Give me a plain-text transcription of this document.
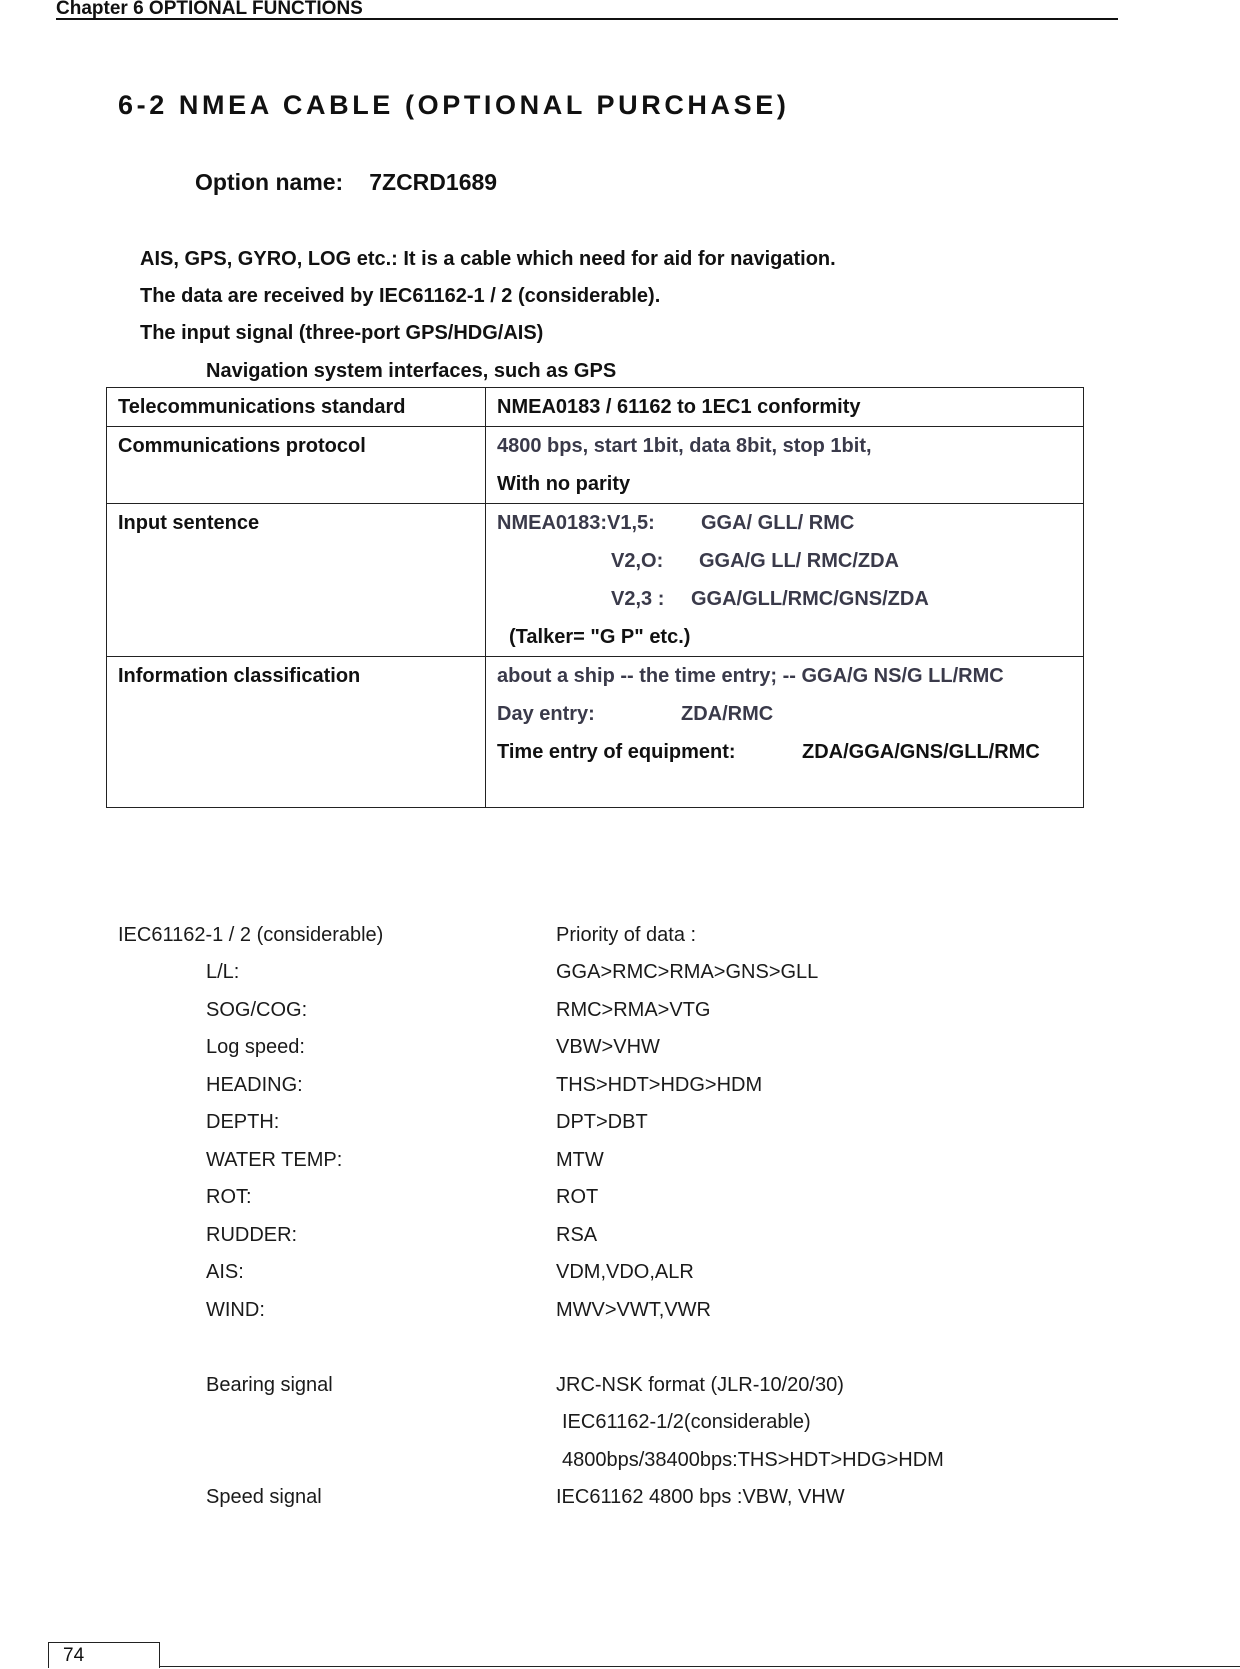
Chapter 6 OPTIONAL FUNCTIONS
6-2 NMEA CABLE (OPTIONAL PURCHASE)
Option name: 7ZCRD1689
AIS, GPS, GYRO, LOG etc.: It is a cable which need for aid for navigation.
The data are received by IEC61162-1 / 2 (considerable).
The input signal (three-port GPS/HDG/AIS)
Navigation system interfaces, such as GPS
Telecommunications standard	NMEA0183 / 61162 to 1EC1 conformity

Communications protocol	4800 bps, start 1bit, data 8bit, stop 1bit,
With no parity

Input sentence	NMEA0183:V1,5: GGA/ GLL/ RMC
V2,O: GGA/G LL/ RMC/ZDA
V2,3 : GGA/GLL/RMC/GNS/ZDA
(Talker= "G P" etc.)

Information classification	about a ship -- the time entry; -- GGA/G NS/G LL/RMC
Day entry: ZDA/RMC
Time entry of equipment: ZDA/GGA/GNS/GLL/RMC
IEC61162-1 / 2 (considerable)	Priority of data :
L/L:	GGA>RMC>RMA>GNS>GLL
SOG/COG:	RMC>RMA>VTG
Log speed:	VBW>VHW
HEADING:	THS>HDT>HDG>HDM
DEPTH:	DPT>DBT
WATER TEMP:	MTW
ROT:	ROT
RUDDER:	RSA
AIS:	VDM,VDO,ALR
WIND:	MWV>VWT,VWR
Bearing signal	JRC-NSK format (JLR-10/20/30)
IEC61162-1/2(considerable)
4800bps/38400bps:THS>HDT>HDG>HDM
Speed signal	IEC61162 4800 bps :VBW, VHW
74
